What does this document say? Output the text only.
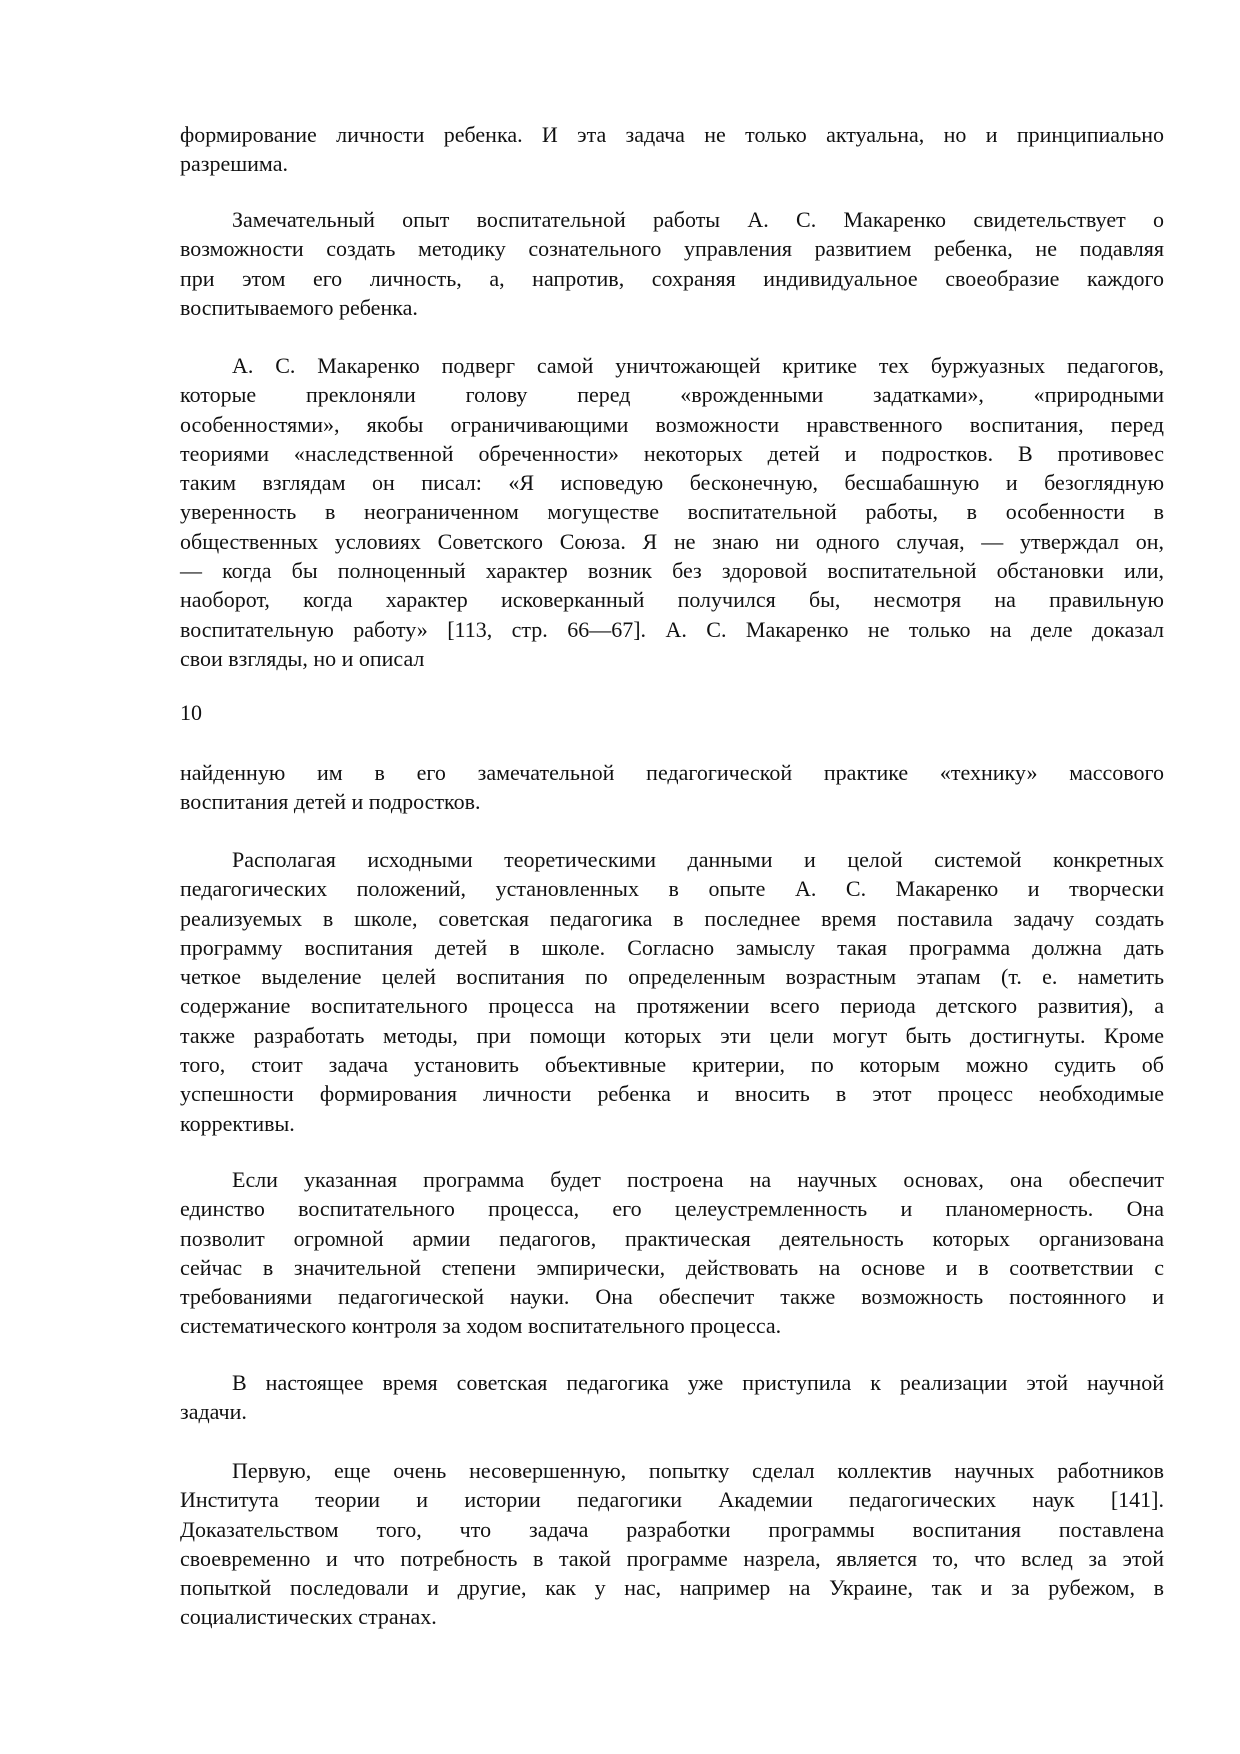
формирование личности ребенка. И эта задача не только актуальна, но и принципиально
разрешима.
Замечательный опыт воспитательной работы А. С. Макаренко свидетельствует о
возможности создать методику сознательного управления развитием ребенка, не подавляя
при этом его личность, а, напротив, сохраняя индивидуальное своеобразие каждого
воспитываемого ребенка.
А. С. Макаренко подверг самой уничтожающей критике тех буржуазных педагогов,
которые преклоняли голову перед «врожденными задатками», «природными
особенностями», якобы ограничивающими возможности нравственного воспитания, перед
теориями «наследственной обреченности» некоторых детей и подростков. В противовес
таким взглядам он писал: «Я исповедую бесконечную, бесшабашную и безоглядную
уверенность в неограниченном могуществе воспитательной работы, в особенности в
общественных условиях Советского Союза. Я не знаю ни одного случая, — утверждал он,
— когда бы полноценный характер возник без здоровой воспитательной обстановки или,
наоборот, когда характер исковерканный получился бы, несмотря на правильную
воспитательную работу» [113, стр. 66—67]. А. С. Макаренко не только на деле доказал
свои взгляды, но и описал
найденную им в его замечательной педагогической практике «технику» массового
воспитания детей и подростков.
Располагая исходными теоретическими данными и целой системой конкретных
педагогических положений, установленных в опыте А. С. Макаренко и творчески
реализуемых в школе, советская педагогика в последнее время поставила задачу создать
программу воспитания детей в школе. Согласно замыслу такая программа должна дать
четкое выделение целей воспитания по определенным возрастным этапам (т. е. наметить
содержание воспитательного процесса на протяжении всего периода детского развития), а
также разработать методы, при помощи которых эти цели могут быть достигнуты. Кроме
того, стоит задача установить объективные критерии, по которым можно судить об
успешности формирования личности ребенка и вносить в этот процесс необходимые
коррективы.
Если указанная программа будет построена на научных основах, она обеспечит
единство воспитательного процесса, его целеустремленность и планомерность. Она
позволит огромной армии педагогов, практическая деятельность которых организована
сейчас в значительной степени эмпирически, действовать на основе и в соответствии с
требованиями педагогической науки. Она обеспечит также возможность постоянного и
систематического контроля за ходом воспитательного процесса.
В настоящее время советская педагогика уже приступила к реализации этой научной
задачи.
Первую, еще очень несовершенную, попытку сделал коллектив научных работников
Института теории и истории педагогики Академии педагогических наук [141].
Доказательством того, что задача разработки программы воспитания поставлена
своевременно и что потребность в такой программе назрела, является то, что вслед за этой
попыткой последовали и другие, как у нас, например на Украине, так и за рубежом, в
социалистических странах.
10
